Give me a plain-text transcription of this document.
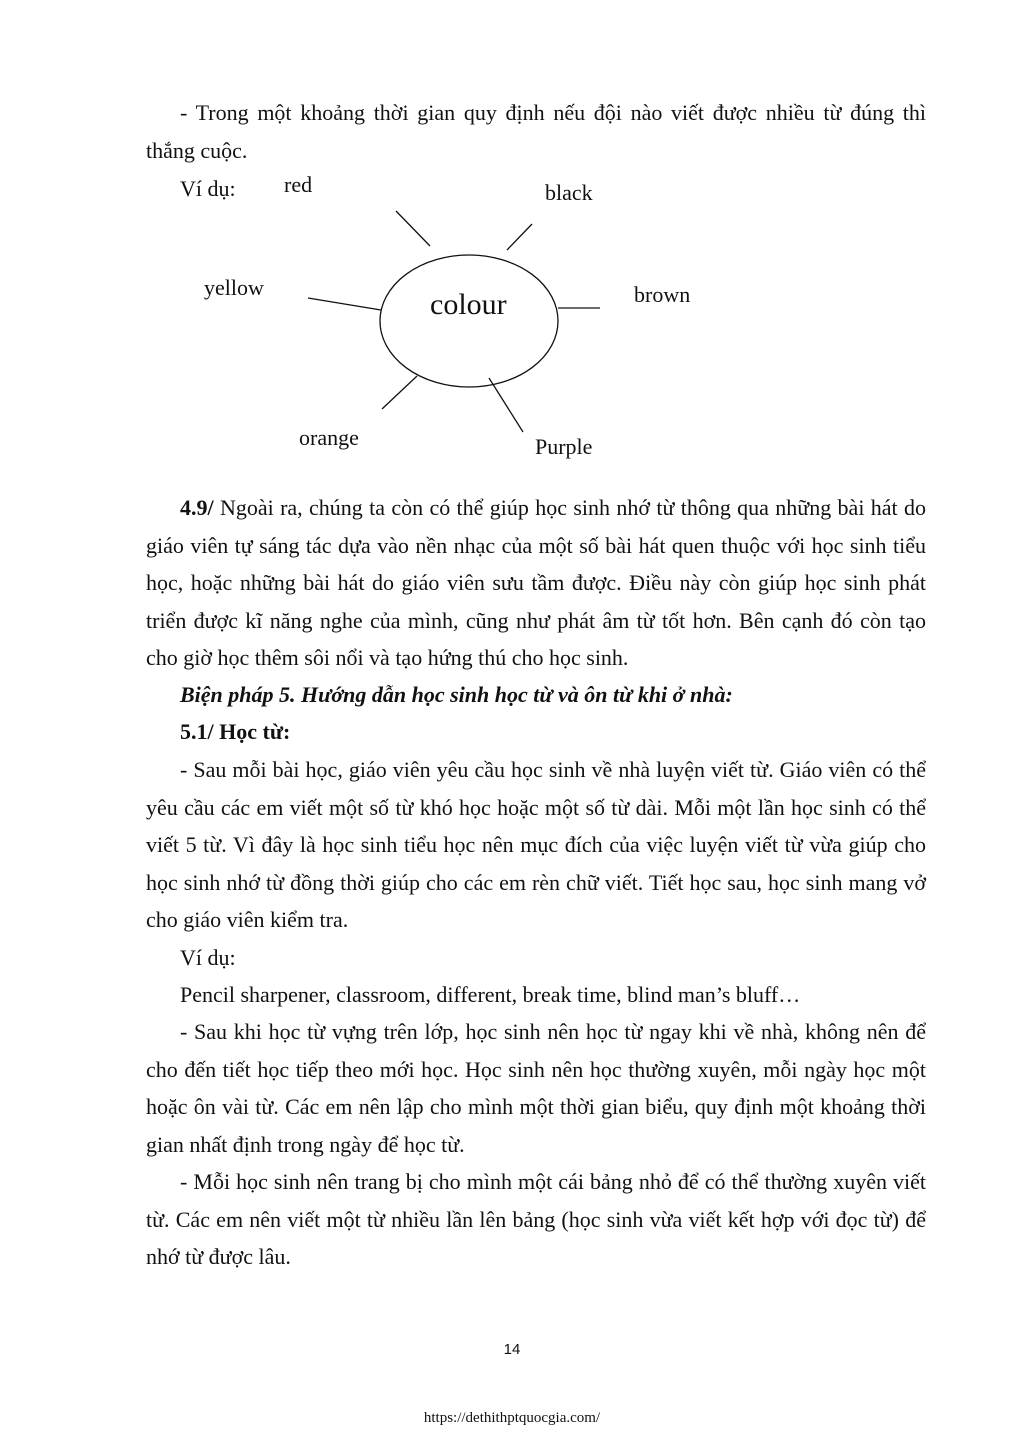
- Trong một khoảng thời gian quy định nếu đội nào viết được nhiều từ đúng thì thắng cuộc.

Ví dụ:
colour
red	black
yellow	brown
orange	Purple

4.9/ Ngoài ra, chúng ta còn có thể giúp học sinh nhớ từ thông qua những bài hát do giáo viên tự sáng tác dựa vào nền nhạc của một số bài hát quen thuộc với học sinh tiểu học, hoặc những bài hát do giáo viên sưu tầm được. Điều này còn giúp học sinh phát triển được kĩ năng nghe của mình, cũng như phát âm từ tốt hơn. Bên cạnh đó còn tạo cho giờ học thêm sôi nổi và tạo hứng thú cho học sinh.

Biện pháp 5. Hướng dẫn học sinh học từ và ôn từ khi ở nhà:
5.1/ Học từ:

- Sau mỗi bài học, giáo viên yêu cầu học sinh về nhà luyện viết từ. Giáo viên có thể yêu cầu các em viết một số từ khó học hoặc một số từ dài. Mỗi một lần học sinh có thể viết 5 từ. Vì đây là học sinh tiểu học nên mục đích của việc luyện viết từ vừa giúp cho học sinh nhớ từ đồng thời giúp cho các em rèn chữ viết. Tiết học sau, học sinh mang vở cho giáo viên kiểm tra.

Ví dụ:
Pencil sharpener, classroom, different, break time, blind man’s bluff…

- Sau khi học từ vựng trên lớp, học sinh nên học từ ngay khi về nhà, không nên để cho đến tiết học tiếp theo mới học. Học sinh nên học thường xuyên, mỗi ngày học một hoặc ôn vài từ. Các em nên lập cho mình một thời gian biểu, quy định một khoảng thời gian nhất định trong ngày để học từ.

- Mỗi học sinh nên trang bị cho mình một cái bảng nhỏ để có thể thường xuyên viết từ. Các em nên viết một từ nhiều lần lên bảng (học sinh vừa viết kết hợp với đọc từ) để nhớ từ được lâu.

14
https://dethithptquocgia.com/
